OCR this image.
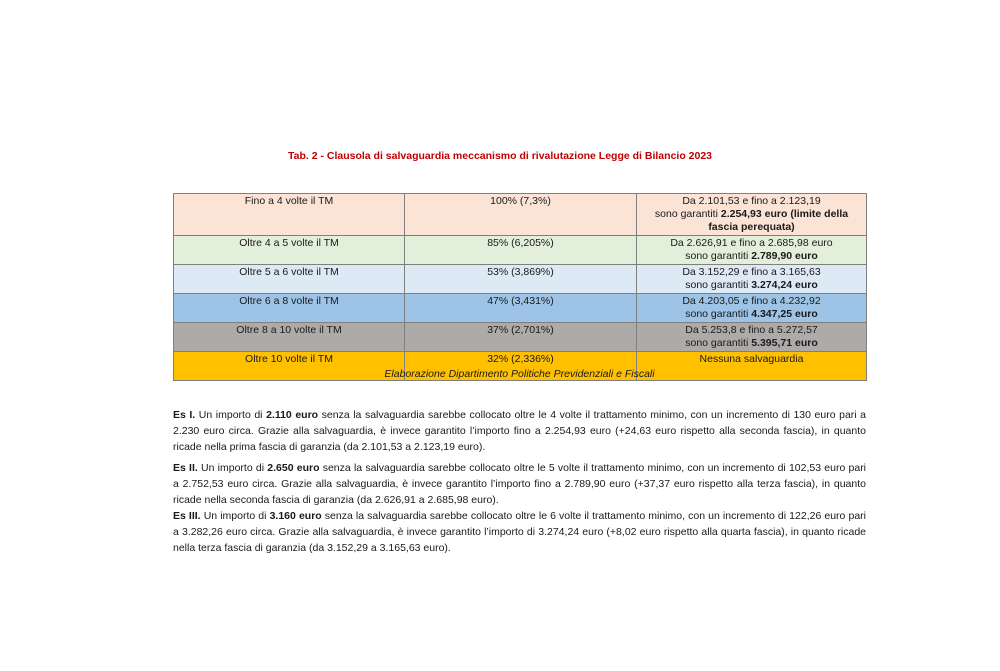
Tab. 2 - Clausola di salvaguardia meccanismo di rivalutazione Legge di Bilancio 2023
Fino a 4 volte il TM	100% (7,3%)	Da 2.101,53 e fino a 2.123,19
sono garantiti 2.254,93 euro (limite della fascia perequata)
Oltre 4 a 5 volte il TM	85% (6,205%)	Da 2.626,91 e fino a 2.685,98 euro
sono garantiti 2.789,90 euro
Oltre 5 a 6 volte il TM	53% (3,869%)	Da 3.152,29 e fino a 3.165,63
sono garantiti 3.274,24 euro
Oltre 6 a 8 volte il TM	47% (3,431%)	Da 4.203,05 e fino a 4.232,92
sono garantiti 4.347,25 euro
Oltre 8 a 10 volte il TM	37% (2,701%)	Da 5.253,8 e fino a 5.272,57
sono garantiti 5.395,71 euro
Oltre 10 volte il TM	32% (2,336%)	Nessuna salvaguardia
Elaborazione Dipartimento Politiche Previdenziali e Fiscali

Es I. Un importo di 2.110 euro senza la salvaguardia sarebbe collocato oltre le 4 volte il trattamento minimo, con un incremento di 130 euro pari a 2.230 euro circa. Grazie alla salvaguardia, è invece garantito l’importo fino a 2.254,93 euro (+24,63 euro rispetto alla seconda fascia), in quanto ricade nella prima fascia di garanzia (da 2.101,53 a 2.123,19 euro).

Es II. Un importo di 2.650 euro senza la salvaguardia sarebbe collocato oltre le 5 volte il trattamento minimo, con un incremento di 102,53 euro pari a 2.752,53 euro circa. Grazie alla salvaguardia, è invece garantito l’importo fino a 2.789,90 euro (+37,37 euro rispetto alla terza fascia), in quanto ricade nella seconda fascia di garanzia (da 2.626,91 a 2.685,98 euro).

Es III. Un importo di 3.160 euro senza la salvaguardia sarebbe collocato oltre le 6 volte il trattamento minimo, con un incremento di 122,26 euro pari a 3.282,26 euro circa. Grazie alla salvaguardia, è invece garantito l’importo di 3.274,24 euro (+8,02 euro rispetto alla quarta fascia), in quanto ricade nella terza fascia di garanzia (da 3.152,29 a 3.165,63 euro).
